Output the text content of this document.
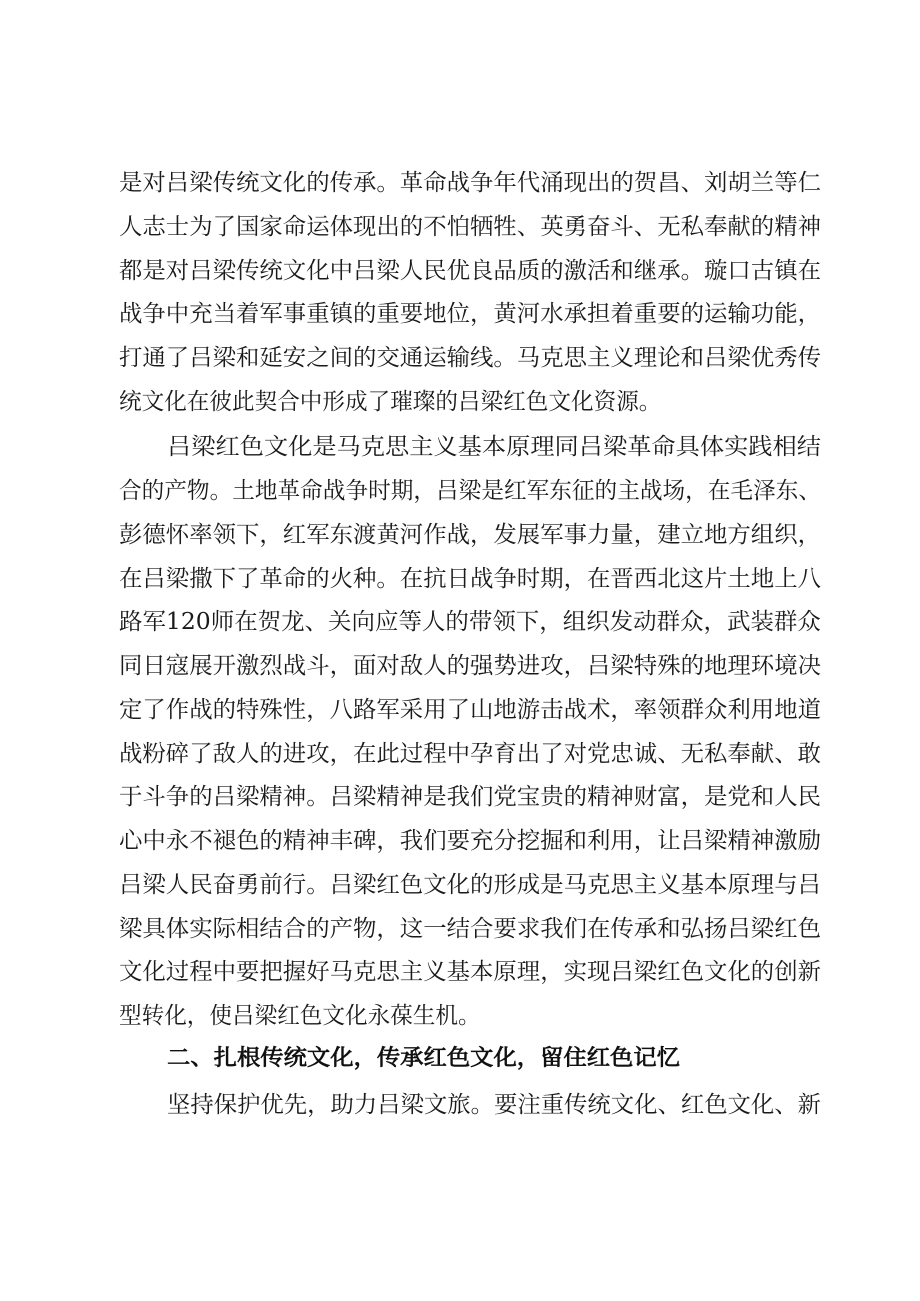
是对吕梁传统文化的传承。革命战争年代涌现出的贺昌、刘胡兰等仁

人志士为了国家命运体现出的不怕牺牲、英勇奋斗、无私奉献的精神

都是对吕梁传统文化中吕梁人民优良品质的激活和继承。璇口古镇在

战争中充当着军事重镇的重要地位，黄河水承担着重要的运输功能，

打通了吕梁和延安之间的交通运输线。马克思主义理论和吕梁优秀传

统文化在彼此契合中形成了璀璨的吕梁红色文化资源。

吕梁红色文化是马克思主义基本原理同吕梁革命具体实践相结

合的产物。土地革命战争时期，吕梁是红军东征的主战场，在毛泽东、

彭德怀率领下，红军东渡黄河作战，发展军事力量，建立地方组织，

在吕梁撒下了革命的火种。在抗日战争时期，在晋西北这片土地上八

路军120师在贺龙、关向应等人的带领下，组织发动群众，武装群众

同日寇展开激烈战斗，面对敌人的强势进攻，吕梁特殊的地理环境决

定了作战的特殊性，八路军采用了山地游击战术，率领群众利用地道

战粉碎了敌人的进攻，在此过程中孕育出了对党忠诚、无私奉献、敢

于斗争的吕梁精神。吕梁精神是我们党宝贵的精神财富，是党和人民

心中永不褪色的精神丰碑，我们要充分挖掘和利用，让吕梁精神激励

吕梁人民奋勇前行。吕梁红色文化的形成是马克思主义基本原理与吕

梁具体实际相结合的产物，这一结合要求我们在传承和弘扬吕梁红色

文化过程中要把握好马克思主义基本原理，实现吕梁红色文化的创新

型转化，使吕梁红色文化永葆生机。

二、扎根传统文化，传承红色文化，留住红色记忆

坚持保护优先，助力吕梁文旅。要注重传统文化、红色文化、新
